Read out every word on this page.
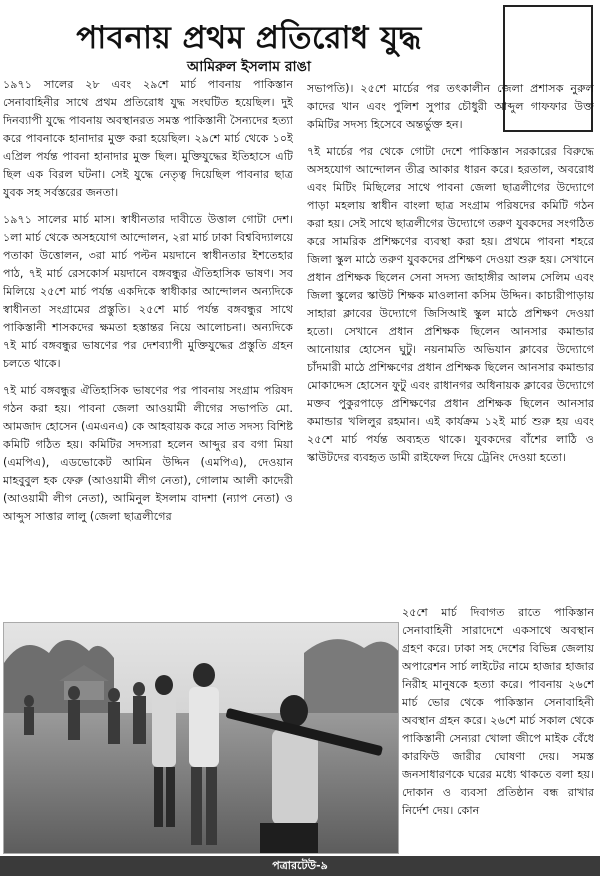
পাবনায় প্রথম প্রতিরোধ যুদ্ধ
আমিরুল ইসলাম রাঙা

১৯৭১ সালের ২৮ এবং ২৯শে মার্চ পাবনায় পাকিস্তান সেনাবাহিনীর সাথে প্রথম প্রতিরোধ যুদ্ধ সংঘটিত হয়েছিল। দুই দিনব্যাপী যুদ্ধে পাবনায় অবস্থানরত সমস্ত পাকিস্তানী সৈন্যদের হত্যা করে পাবনাকে হানাদার মুক্ত করা হয়েছিল। ২৯শে মার্চ থেকে ১০ই এপ্রিল পর্যন্ত পাবনা হানাদার মুক্ত ছিল। মুক্তিযুদ্ধের ইতিহাসে এটি ছিল এক বিরল ঘটনা। সেই যুদ্ধে নেতৃত্ব দিয়েছিল পাবনার ছাত্র যুবক সহ সর্বস্তরের জনতা।

১৯৭১ সালের মার্চ মাস। স্বাধীনতার দাবীতে উত্তাল গোটা দেশ। ১লা মার্চ থেকে অসহযোগ আন্দোলন, ২রা মার্চ ঢাকা বিশ্ববিদ্যালয়ে পতাকা উত্তোলন, ৩রা মার্চ পল্টন ময়দানে স্বাধীনতার ইশতেহার পাঠ, ৭ই মার্চ রেসকোর্স ময়দানে বঙ্গবন্ধুর ঐতিহাসিক ভাষণ। সব মিলিয়ে ২৫শে মার্চ পর্যন্ত একদিকে স্বাধীকার আন্দোলন অন্যদিকে স্বাধীনতা সংগ্রামের প্রস্তুতি। ২৫শে মার্চ পর্যন্ত বঙ্গবন্ধুর সাথে পাকিস্তানী শাসকদের ক্ষমতা হস্তান্তর নিয়ে আলোচনা। অন্যদিকে ৭ই মার্চ বঙ্গবন্ধুর ভাষণের পর দেশব্যাপী মুক্তিযুদ্ধের প্রস্তুতি গ্রহন চলতে থাকে।

৭ই মার্চ বঙ্গবন্ধুর ঐতিহাসিক ভাষণের পর পাবনায় সংগ্রাম পরিষদ গঠন করা হয়। পাবনা জেলা আওয়ামী লীগের সভাপতি মো. আমজাদ হোসেন (এমএনএ) কে আহবায়ক করে সাত সদস্য বিশিষ্ট কমিটি গঠিত হয়। কমিটির সদস্যরা হলেন আব্দুর রব বগা মিয়া (এমপিএ), এডভোকেট আমিন উদ্দিন (এমপিএ), দেওয়ান মাহবুবুল হক ফেরু (আওয়ামী লীগ নেতা), গোলাম আলী কাদেরী (আওয়ামী লীগ নেতা), আমিনুল ইসলাম বাদশা (ন্যাপ নেতা) ও আব্দুস সাত্তার লালু (জেলা ছাত্রলীগের

সভাপতি)। ২৫শে মার্চের পর তৎকালীন জেলা প্রশাসক নুরুল কাদের খান এবং পুলিশ সুপার চৌধুরী আব্দুল গাফফার উক্ত কমিটির সদস্য হিসেবে অন্তর্ভুক্ত হন।

৭ই মার্চের পর থেকে গোটা দেশে পাকিস্তান সরকারের বিরুদ্ধে অসহযোগ আন্দোলন তীব্র আকার ধারন করে। হরতাল, অবরোধ এবং মিটিং মিছিলের সাথে পাবনা জেলা ছাত্রলীগের উদ্যোগে পাড়া মহলায় স্বাধীন বাংলা ছাত্র সংগ্রাম পরিষদের কমিটি গঠন করা হয়। সেই সাথে ছাত্রলীগের উদ্যোগে তরুণ যুবকদের সংগঠিত করে সামরিক প্রশিক্ষণের ব্যবস্থা করা হয়। প্রথমে পাবনা শহরে জিলা স্কুল মাঠে তরুণ যুবকদের প্রশিক্ষণ দেওয়া শুরু হয়। সেখানে প্রধান প্রশিক্ষক ছিলেন সেনা সদস্য জাহাঙ্গীর আলম সেলিম এবং জিলা স্কুলের স্কাউট শিক্ষক মাওলানা কসিম উদ্দিন। কাচারীপাড়ায় সাহারা ক্লাবের উদ্যোগে জিসিআই স্কুল মাঠে প্রশিক্ষণ দেওয়া হতো। সেখানে প্রধান প্রশিক্ষক ছিলেন আনসার কমান্ডার আনোয়ার হোসেন ঘুটু। নয়নামতি অভিযান ক্লাবের উদ্যোগে চাঁদমারী মাঠে প্রশিক্ষণের প্রধান প্রশিক্ষক ছিলেন আনসার কমান্ডার মোকাদ্দেস হোসেন ফুটু এবং রাধানগর অধিনায়ক ক্লাবের উদ্যোগে মক্তব পুকুরপাড়ে প্রশিক্ষণের প্রধান প্রশিক্ষক ছিলেন আনসার কমান্ডার খলিলুর রহমান। এই কার্যক্রম ১২ই মার্চ শুরু হয় এবং ২৫শে মার্চ পর্যন্ত অব্যহত থাকে। যুবকদের বাঁশের লাঠি ও স্কাউটদের ব্যবহৃত ডামী রাইফেল দিয়ে ট্রেনিং দেওয়া হতো।

২৫শে মার্চ দিবাগত রাতে পাকিস্তান সেনাবাহিনী সারাদেশে একসাথে অবস্থান গ্রহণ করে। ঢাকা সহ দেশের বিভিন্ন জেলায় অপারেশন সার্চ লাইটের নামে হাজার হাজার নিরীহ মানুষকে হত্যা করে। পাবনায় ২৬শে মার্চ ভোর থেকে পাকিস্তান সেনাবাহিনী অবস্থান গ্রহন করে। ২৬শে মার্চ সকাল থেকে পাকিস্তানী সেন্যরা খোলা জীপে মাইক বেঁধে কারফিউ জারীর ঘোষণা দেয়। সমস্ত জনসাধারণকে ঘরের মধ্যে থাকতে বলা হয়। দোকান ও ব্যবসা প্রতিষ্ঠান বন্ধ রাখার নির্দেশ দেয়। কোন

পত্রারটেউ-৯
